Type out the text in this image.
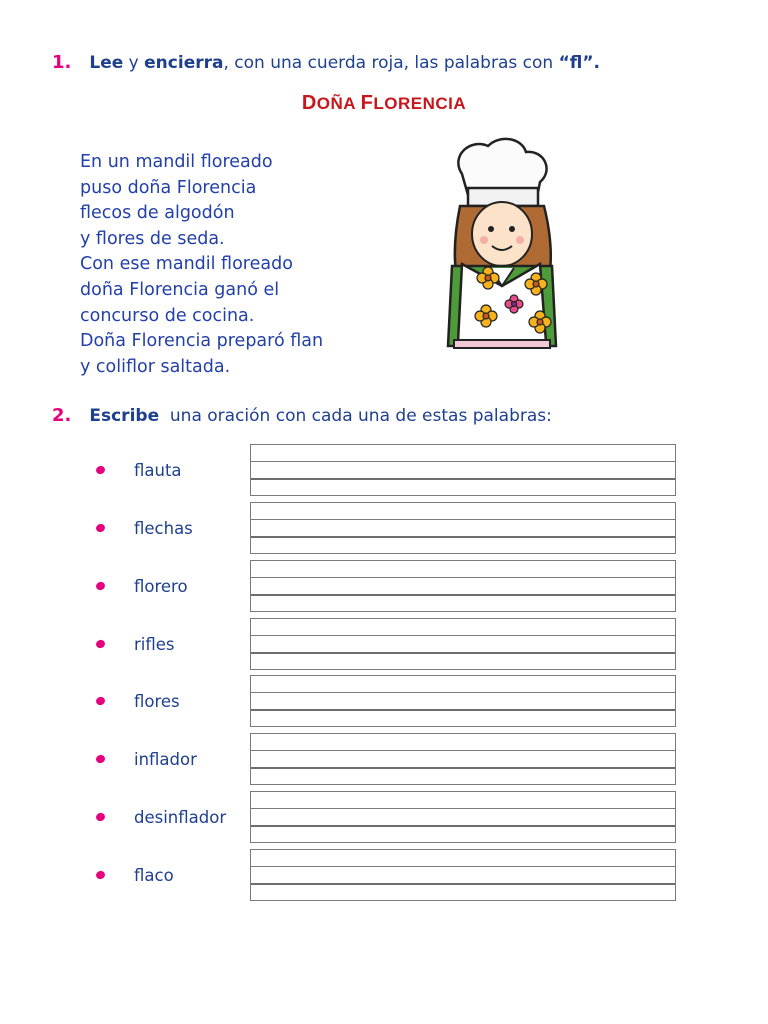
1. Lee y encierra, con una cuerda roja, las palabras con “fl”.
DOÑA FLORENCIA
En un mandil floreado
puso doña Florencia
flecos de algodón
y flores de seda.
Con ese mandil floreado
doña Florencia ganó el
concurso de cocina.
Doña Florencia preparó flan
y coliflor saltada.
2. Escribe  una oración con cada una de estas palabras:
flauta
flechas
florero
rifles
flores
inflador
desinflador
flaco
